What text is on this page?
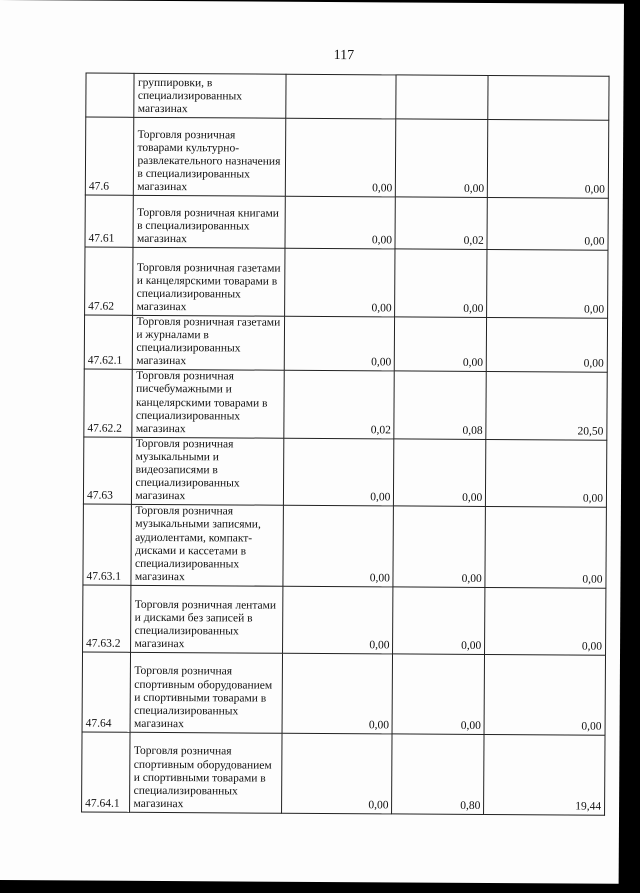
117
	группировки, в специализированных магазинах			
47.6	Торговля розничная товарами культурно-развлекательного назначения в специализированных магазинах	0,00	0,00	0,00
47.61	Торговля розничная книгами в специализированных магазинах	0,00	0,02	0,00
47.62	Торговля розничная газетами и канцелярскими товарами в специализированных магазинах	0,00	0,00	0,00
47.62.1	Торговля розничная газетами и журналами в специализированных магазинах	0,00	0,00	0,00
47.62.2	Торговля розничная писчебумажными и канцелярскими товарами в специализированных магазинах	0,02	0,08	20,50
47.63	Торговля розничная музыкальными и видеозаписями в специализированных магазинах	0,00	0,00	0,00
47.63.1	Торговля розничная музыкальными записями, аудиолентами, компакт-дисками и кассетами в специализированных магазинах	0,00	0,00	0,00
47.63.2	Торговля розничная лентами и дисками без записей в специализированных магазинах	0,00	0,00	0,00
47.64	Торговля розничная спортивным оборудованием и спортивными товарами в специализированных магазинах	0,00	0,00	0,00
47.64.1	Торговля розничная спортивным оборудованием и спортивными товарами в специализированных магазинах	0,00	0,80	19,44
